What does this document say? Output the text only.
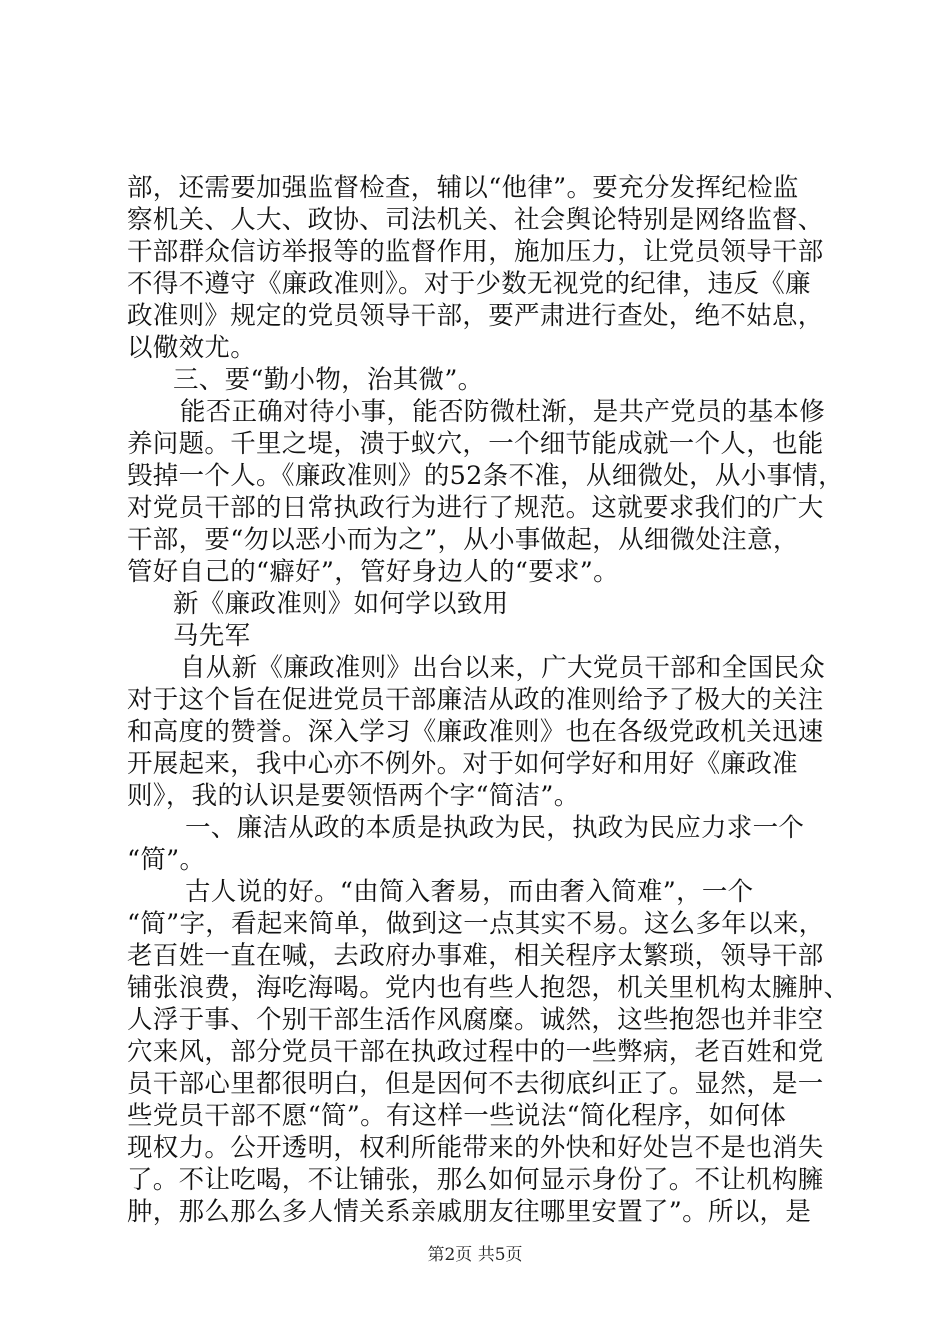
部，还需要加强监督检查，辅以“他律”。要充分发挥纪检监
察机关、人大、政协、司法机关、社会舆论特别是网络监督、
干部群众信访举报等的监督作用，施加压力，让党员领导干部
不得不遵守《廉政准则》。对于少数无视党的纪律，违反《廉
政准则》规定的党员领导干部，要严肃进行查处，绝不姑息，
以儆效尤。
三、要“勤小物，治其微”。
能否正确对待小事，能否防微杜渐，是共产党员的基本修
养问题。千里之堤，溃于蚁穴，一个细节能成就一个人，也能
毁掉一个人。《廉政准则》的52条不准，从细微处，从小事情，
对党员干部的日常执政行为进行了规范。这就要求我们的广大
干部，要“勿以恶小而为之”，从小事做起，从细微处注意，
管好自己的“癖好”，管好身边人的“要求”。
新《廉政准则》如何学以致用
马先军
自从新《廉政准则》出台以来，广大党员干部和全国民众
对于这个旨在促进党员干部廉洁从政的准则给予了极大的关注
和高度的赞誉。深入学习《廉政准则》也在各级党政机关迅速
开展起来，我中心亦不例外。对于如何学好和用好《廉政准
则》，我的认识是要领悟两个字“简洁”。
一、廉洁从政的本质是执政为民，执政为民应力求一个
“简”。
古人说的好。“由简入奢易，而由奢入简难”，一个
“简”字，看起来简单，做到这一点其实不易。这么多年以来，
老百姓一直在喊，去政府办事难，相关程序太繁琐，领导干部
铺张浪费，海吃海喝。党内也有些人抱怨，机关里机构太臃肿、
人浮于事、个别干部生活作风腐糜。诚然，这些抱怨也并非空
穴来风，部分党员干部在执政过程中的一些弊病，老百姓和党
员干部心里都很明白，但是因何不去彻底纠正了。显然，是一
些党员干部不愿“简”。有这样一些说法“简化程序，如何体
现权力。公开透明，权利所能带来的外快和好处岂不是也消失
了。不让吃喝，不让铺张，那么如何显示身份了。不让机构臃
肿，那么那么多人情关系亲戚朋友往哪里安置了”。所以，是
第2页 共5页
